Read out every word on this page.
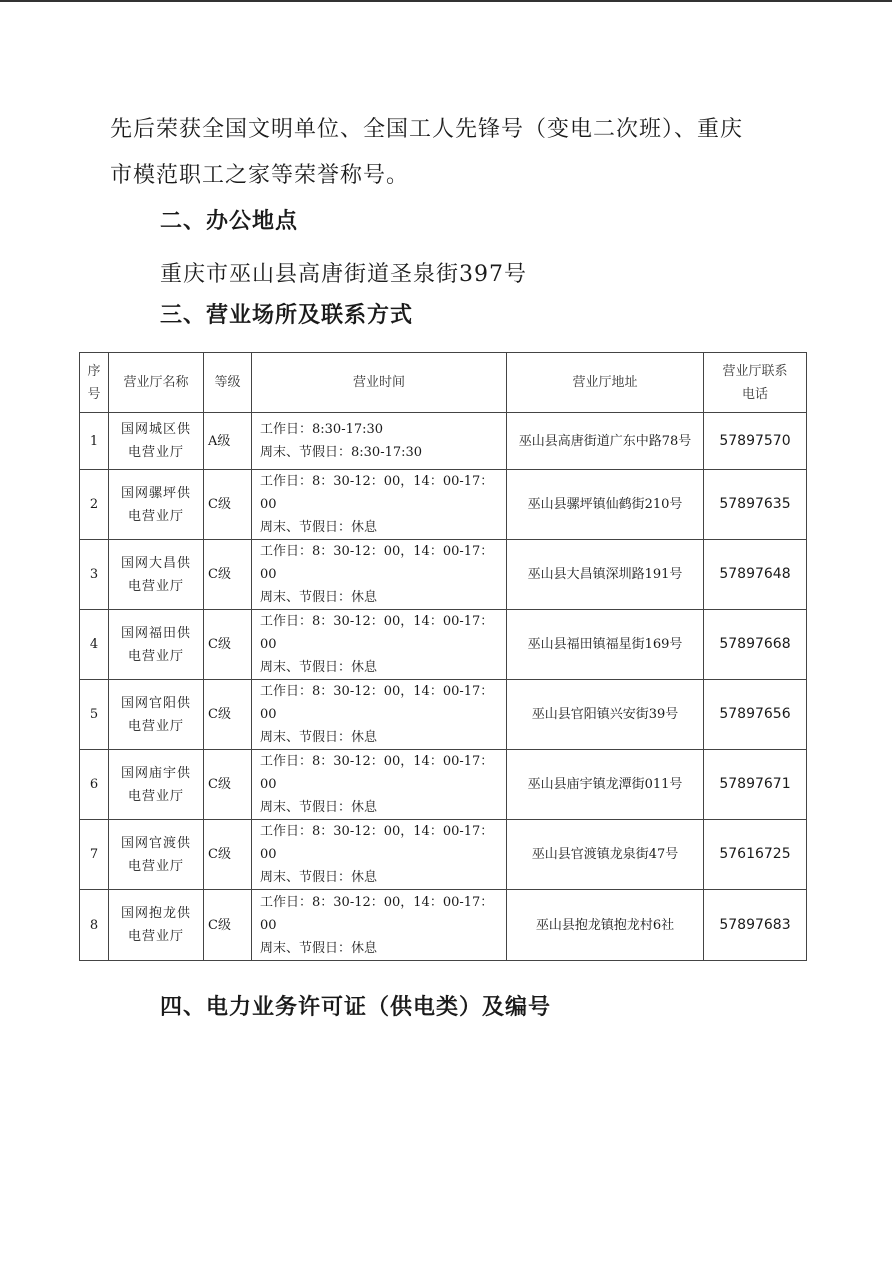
先后荣获全国文明单位、全国工人先锋号（变电二次班）、重庆
市模范职工之家等荣誉称号。

二、办公地点

重庆市巫山县高唐街道圣泉街397号

三、营业场所及联系方式
序
号	营业厅名称	等级	营业时间	营业厅地址	营业厅联系
电话

1	国网城区供
电营业厅	A级	工作日：8:30-17:30
周末、节假日：8:30-17:30	巫山县高唐街道广东中路78号	57897570
2	国网骡坪供
电营业厅	C级	工作日：8：30-12：00，14：00-17：00
周末、节假日：休息	巫山县骡坪镇仙鹤街210号	57897635
3	国网大昌供
电营业厅	C级	工作日：8：30-12：00，14：00-17：00
周末、节假日：休息	巫山县大昌镇深圳路191号	57897648
4	国网福田供
电营业厅	C级	工作日：8：30-12：00，14：00-17：00
周末、节假日：休息	巫山县福田镇福星街169号	57897668
5	国网官阳供
电营业厅	C级	工作日：8：30-12：00，14：00-17：00
周末、节假日：休息	巫山县官阳镇兴安街39号	57897656
6	国网庙宇供
电营业厅	C级	工作日：8：30-12：00，14：00-17：00
周末、节假日：休息	巫山县庙宇镇龙潭街011号	57897671
7	国网官渡供
电营业厅	C级	工作日：8：30-12：00，14：00-17：00
周末、节假日：休息	巫山县官渡镇龙泉街47号	57616725
8	国网抱龙供
电营业厅	C级	工作日：8：30-12：00，14：00-17：00
周末、节假日：休息	巫山县抱龙镇抱龙村6社	57897683
四、电力业务许可证（供电类）及编号
